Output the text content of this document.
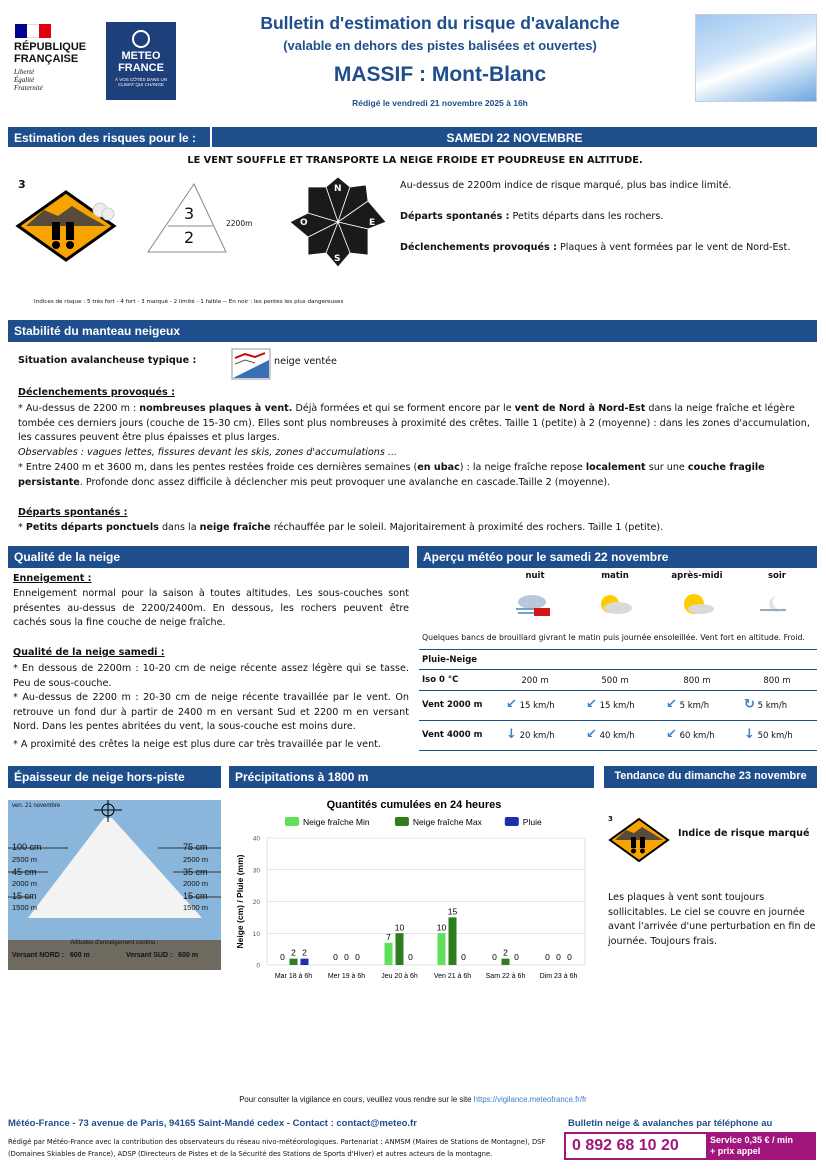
RÉPUBLIQUE
FRANÇAISE
Liberté
Égalité
Fraternité
METEO
FRANCE
À VOS CÔTÉS DANS UN CLIMAT QUI CHANGE
Bulletin d'estimation du risque d'avalanche
(valable en dehors des pistes balisées et ouvertes)
MASSIF : Mont-Blanc
Rédigé le vendredi 21 novembre 2025 à 16h
Estimation des risques pour le :	SAMEDI 22 NOVEMBRE
LE VENT SOUFFLE ET TRANSPORTE LA NEIGE FROIDE ET POUDREUSE EN ALTITUDE.
3
3
2
2200m
N
E
S
O
Au-dessus de 2200m indice de risque marqué, plus bas indice limité.
Départs spontanés : Petits départs dans les rochers.
Déclenchements provoqués : Plaques à vent formées par le vent de Nord-Est.
Indices de risque : 5 très fort - 4 fort - 3 marqué - 2 limité - 1 faible -- En noir : les pentes les plus dangereuses
Stabilité du manteau neigeux
Situation avalancheuse typique :	neige ventée
Déclenchements provoqués :

* Au-dessus de 2200 m : nombreuses plaques à vent. Déjà formées et qui se forment encore par le vent de Nord à Nord-Est dans la neige fraîche et légère tombée ces derniers jours (couche de 15-30 cm). Elles sont plus nombreuses à proximité des crêtes. Taille 1 (petite) à 2 (moyenne) : dans les zones d'accumulation, les cassures peuvent être plus épaisses et plus larges.

Observables : vagues lettes, fissures devant les skis, zones d'accumulations ...

* Entre 2400 m et 3600 m, dans les pentes restées froide ces dernières semaines (en ubac) : la neige fraîche repose localement sur une couche fragile persistante. Profonde donc assez difficile à déclencher mis peut provoquer une avalanche en cascade.Taille 2 (moyenne).

Départs spontanés :

* Petits départs ponctuels dans la neige fraîche réchauffée par le soleil. Majoritairement à proximité des rochers. Taille 1 (petite).

Qualité de la neige
Enneigement :

Enneigement normal pour la saison à toutes altitudes. Les sous-couches sont présentes au-dessus de 2200/2400m. En dessous, les rochers peuvent être cachés sous la fine couche de neige fraîche.

Qualité de la neige samedi :

* En dessous de 2200m : 10-20 cm de neige récente assez légère qui se tasse. Peu de sous-couche.

* Au-dessus de 2200 m : 20-30 cm de neige récente travaillée par le vent. On retrouve un fond dur à partir de 2400 m en versant Sud et 2200 m en versant Nord. Dans les pentes abritées du vent, la sous-couche est moins dure.

* A proximité des crêtes la neige est plus dure car très travaillée par le vent.

Aperçu météo pour le samedi 22 novembre
nuit	matin	après-midi	soir
Quelques bancs de brouillard givrant le matin puis journée ensoleillée. Vent fort en altitude. Froid.
Pluie-Neige
Iso 0 °C	200 m	500 m	800 m	800 m
Vent 2000 m ↙ 15 km/h	↙ 15 km/h	↙ 5 km/h	↻ 5 km/h
Vent 4000 m ↓ 20 km/h	↙ 40 km/h	↙ 60 km/h	↓ 50 km/h
Épaisseur de neige hors-piste
ven. 21 novembre
100 cm
2500 m
45 cm
2000 m
15 cm
1500 m
75 cm
2500 m
35 cm
2000 m
15 cm
1500 m
Altitudes d'enneigement continu :
Versant NORD :   600 m	Versant SUD :   600 m
Précipitations à 1800 m
Quantités cumulées en 24 heures
Neige fraîche Min	Neige fraîche Max	Pluie
0
10
20
30
40
Neige (cm) / Pluie (mm)
Mar 18 à 6h
0 2 2
Mer 19 à 6h
0 0 0
Jeu 20 à 6h
7
10
0
Ven 21 à 6h
10
15
0
Sam 22 à 6h
0 2 0
Dim 23 à 6h
0 0 0
Tendance du dimanche 23 novembre
3
Indice de risque marqué

Les plaques à vent sont toujours sollicitables. Le ciel se couvre en journée avant l'arrivée d'une perturbation en fin de journée. Toujours frais.

Pour consulter la vigilance en cours, veuillez vous rendre sur le site https://vigilance.meteofrance.fr/fr
Météo-France - 73 avenue de Paris, 94165 Saint-Mandé cedex - Contact : contact@meteo.fr	Bulletin neige & avalanches par téléphone au
Rédigé par Météo-France avec la contribution des observateurs du réseau nivo-météorologiques. Partenariat : ANMSM (Maires de Stations de Montagne), DSF (Domaines Skiables de France), ADSP (Directeurs de Pistes et de la Sécurité des Stations de Sports d'Hiver) et autres acteurs de la montagne.	0 892 68 10 20	Service 0,35 € / min
+ prix appel
